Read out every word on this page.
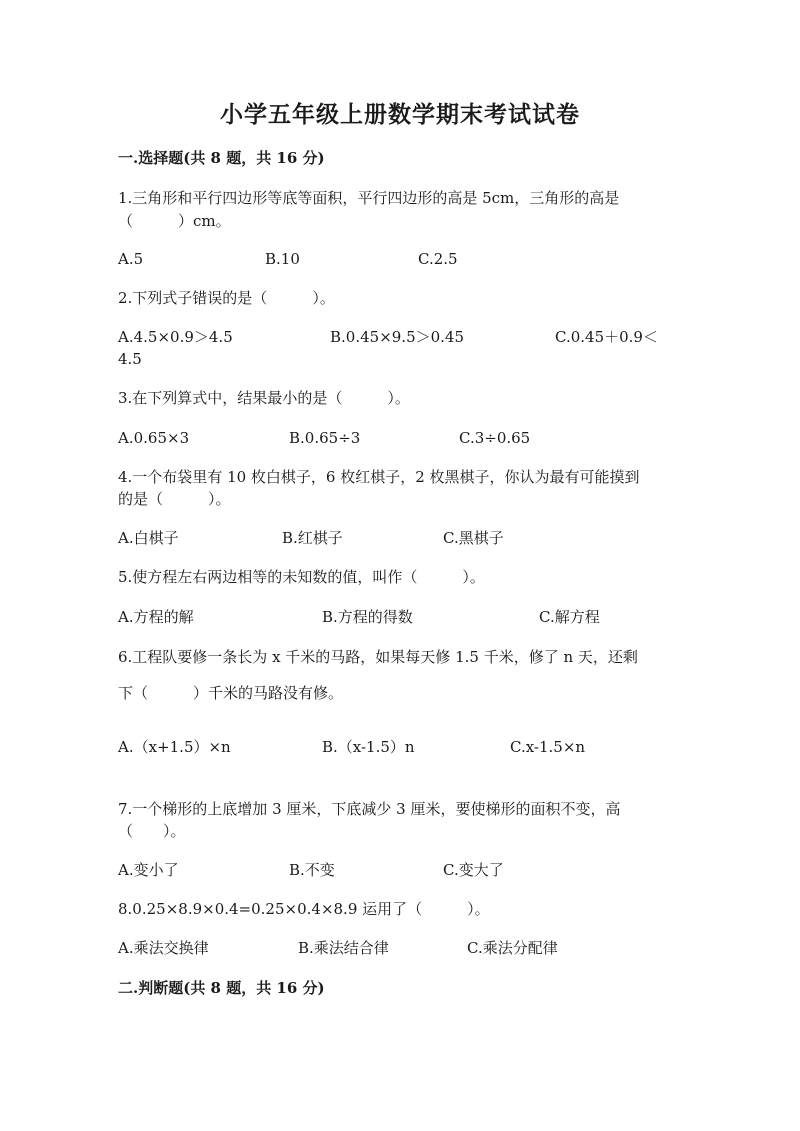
小学五年级上册数学期末考试试卷
一.选择题(共 8 题，共 16 分)
1.三角形和平行四边形等底等面积，平行四边形的高是 5cm，三角形的高是
（　　　）cm。
A.5	B.10	C.2.5
2.下列式子错误的是（　　　）。
A.4.5×0.9＞4.5	B.0.45×9.5＞0.45	C.0.45＋0.9＜
4.5
3.在下列算式中，结果最小的是（　　　）。
A.0.65×3	B.0.65÷3	C.3÷0.65
4.一个布袋里有 10 枚白棋子，6 枚红棋子，2 枚黑棋子，你认为最有可能摸到
的是（　　　）。
A.白棋子	B.红棋子	C.黑棋子
5.使方程左右两边相等的未知数的值，叫作（　　　）。
A.方程的解	B.方程的得数	C.解方程
6.工程队要修一条长为 x 千米的马路，如果每天修 1.5 千米，修了 n 天，还剩
下（　　　）千米的马路没有修。
A.（x+1.5）×n	B.（x-1.5）n	C.x-1.5×n
7.一个梯形的上底增加 3 厘米，下底减少 3 厘米，要使梯形的面积不变，高
（　　）。
A.变小了	B.不变	C.变大了
8.0.25×8.9×0.4=0.25×0.4×8.9 运用了（　　　）。
A.乘法交换律	B.乘法结合律	C.乘法分配律
二.判断题(共 8 题，共 16 分)
